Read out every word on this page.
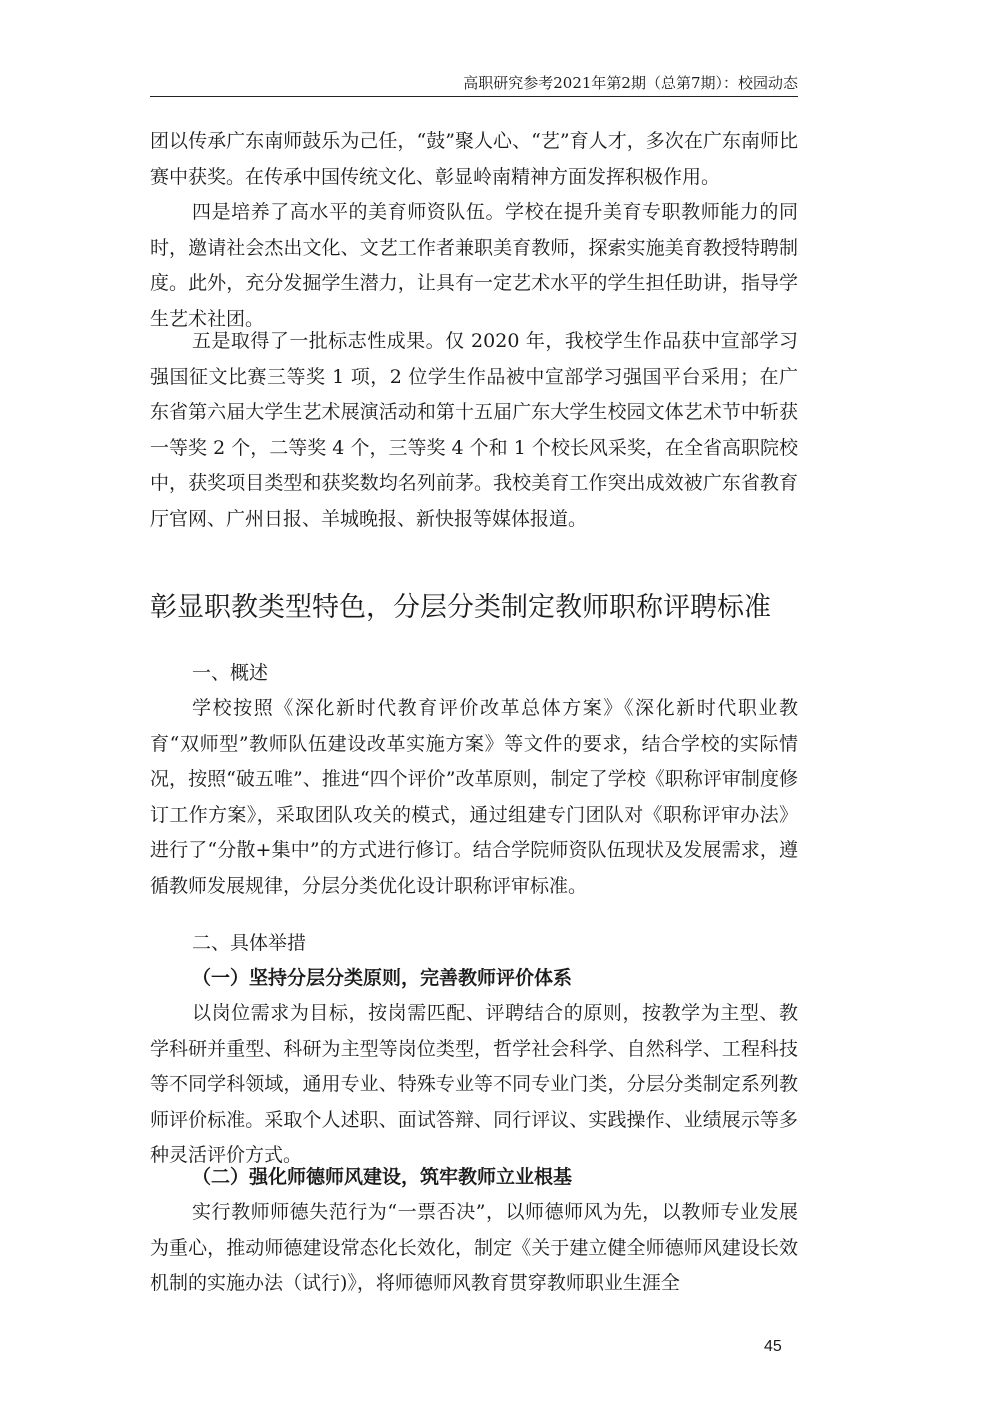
高职研究参考2021年第2期（总第7期）：校园动态

团以传承广东南师鼓乐为己任，“鼓”聚人心、“艺”育人才，多次在广东南师比赛中获奖。在传承中国传统文化、彰显岭南精神方面发挥积极作用。

四是培养了高水平的美育师资队伍。学校在提升美育专职教师能力的同时，邀请社会杰出文化、文艺工作者兼职美育教师，探索实施美育教授特聘制度。此外，充分发掘学生潜力，让具有一定艺术水平的学生担任助讲，指导学生艺术社团。

五是取得了一批标志性成果。仅 2020 年，我校学生作品获中宣部学习强国征文比赛三等奖 1 项，2 位学生作品被中宣部学习强国平台采用；在广东省第六届大学生艺术展演活动和第十五届广东大学生校园文体艺术节中斩获一等奖 2 个，二等奖 4 个，三等奖 4 个和 1 个校长风采奖，在全省高职院校中，获奖项目类型和获奖数均名列前茅。我校美育工作突出成效被广东省教育厅官网、广州日报、羊城晚报、新快报等媒体报道。

彰显职教类型特色，分层分类制定教师职称评聘标准

一、概述

学校按照《深化新时代教育评价改革总体方案》《深化新时代职业教育“双师型”教师队伍建设改革实施方案》等文件的要求，结合学校的实际情况，按照“破五唯”、推进“四个评价”改革原则，制定了学校《职称评审制度修订工作方案》，采取团队攻关的模式，通过组建专门团队对《职称评审办法》进行了“分散+集中”的方式进行修订。结合学院师资队伍现状及发展需求，遵循教师发展规律，分层分类优化设计职称评审标准。

二、具体举措

（一）坚持分层分类原则，完善教师评价体系

以岗位需求为目标，按岗需匹配、评聘结合的原则，按教学为主型、教学科研并重型、科研为主型等岗位类型，哲学社会科学、自然科学、工程科技等不同学科领域，通用专业、特殊专业等不同专业门类，分层分类制定系列教师评价标准。采取个人述职、面试答辩、同行评议、实践操作、业绩展示等多种灵活评价方式。

（二）强化师德师风建设，筑牢教师立业根基

实行教师师德失范行为“一票否决”，以师德师风为先，以教师专业发展为重心，推动师德建设常态化长效化，制定《关于建立健全师德师风建设长效机制的实施办法（试行)》，将师德师风教育贯穿教师职业生涯全

45
